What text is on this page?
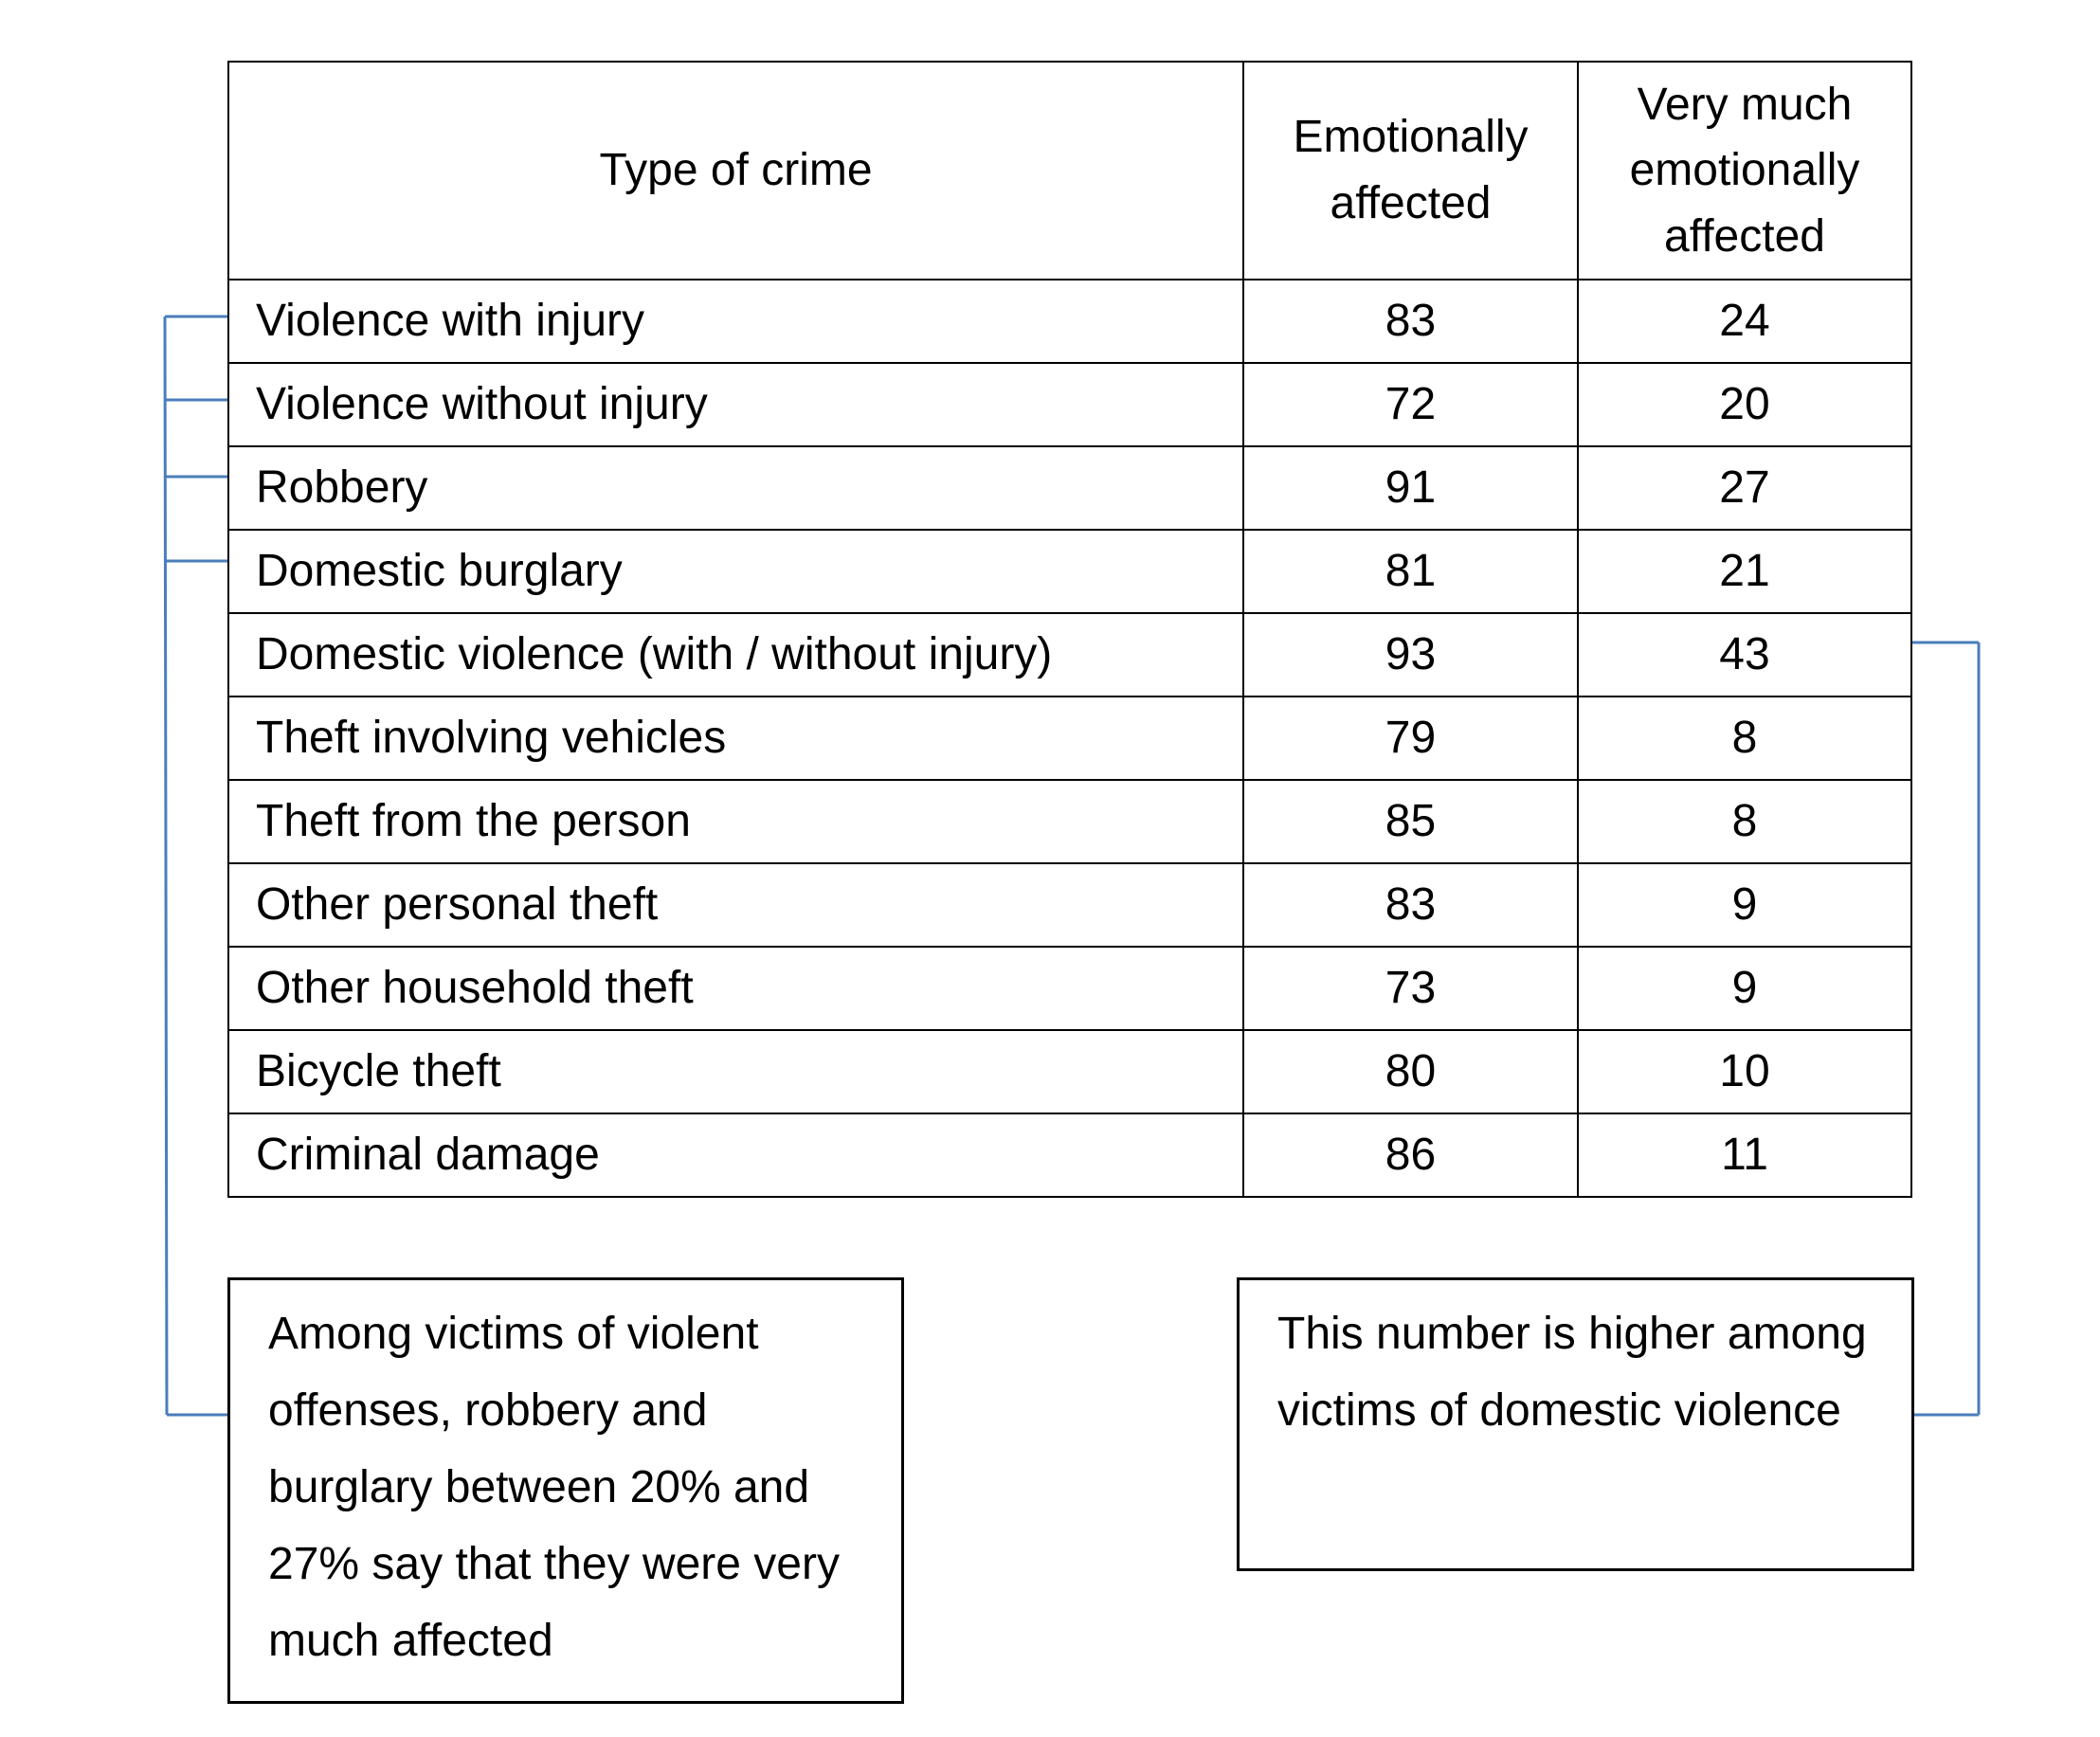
Type of crime	Emotionally affected	Very much emotionally affected
Violence with injury	83	24
Violence without injury	72	20
Robbery	91	27
Domestic burglary	81	21
Domestic violence (with / without injury)	93	43
Theft involving vehicles	79	8
Theft from the person	85	8
Other personal theft	83	9
Other household theft	73	9
Bicycle theft	80	10
Criminal damage	86	11
Among victims of violent offenses, robbery and burglary between 20% and 27% say that they were very much affected
This number is higher among victims of domestic violence
